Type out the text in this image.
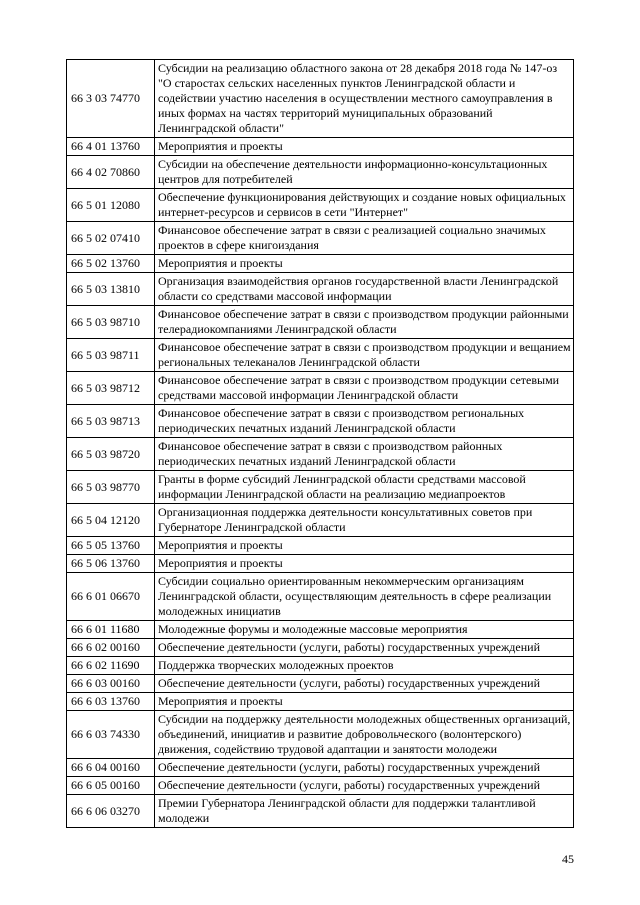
66 3 03 74770	Субсидии на реализацию областного закона от 28 декабря 2018 года № 147-оз "О старостах сельских населенных пунктов Ленинградской области и содействии участию населения в осуществлении местного самоуправления в иных формах на частях территорий муниципальных образований Ленинградской области"
66 4 01 13760	Мероприятия и проекты
66 4 02 70860	Субсидии на обеспечение деятельности информационно-консультационных центров для потребителей
66 5 01 12080	Обеспечение функционирования действующих и создание новых официальных интернет-ресурсов и сервисов в сети "Интернет"
66 5 02 07410	Финансовое обеспечение затрат в связи с реализацией социально значимых проектов в сфере книгоиздания
66 5 02 13760	Мероприятия и проекты
66 5 03 13810	Организация взаимодействия органов государственной власти Ленинградской области со средствами массовой информации
66 5 03 98710	Финансовое обеспечение затрат в связи с производством продукции районными телерадиокомпаниями Ленинградской области
66 5 03 98711	Финансовое обеспечение затрат в связи с производством продукции и вещанием региональных телеканалов Ленинградской области
66 5 03 98712	Финансовое обеспечение затрат в связи с производством продукции сетевыми средствами массовой информации Ленинградской области
66 5 03 98713	Финансовое обеспечение затрат в связи с производством региональных периодических печатных изданий Ленинградской области
66 5 03 98720	Финансовое обеспечение затрат в связи с производством районных периодических печатных изданий Ленинградской области
66 5 03 98770	Гранты в форме субсидий Ленинградской области средствами массовой информации Ленинградской области на реализацию медиапроектов
66 5 04 12120	Организационная поддержка деятельности консультативных советов при Губернаторе Ленинградской области
66 5 05 13760	Мероприятия и проекты
66 5 06 13760	Мероприятия и проекты
66 6 01 06670	Субсидии социально ориентированным некоммерческим организациям Ленинградской области, осуществляющим деятельность в сфере реализации молодежных инициатив
66 6 01 11680	Молодежные форумы и молодежные массовые мероприятия
66 6 02 00160	Обеспечение деятельности (услуги, работы) государственных учреждений
66 6 02 11690	Поддержка творческих молодежных проектов
66 6 03 00160	Обеспечение деятельности (услуги, работы) государственных учреждений
66 6 03 13760	Мероприятия и проекты
66 6 03 74330	Субсидии на поддержку деятельности молодежных общественных организаций, объединений, инициатив и развитие добровольческого (волонтерского) движения, содействию трудовой адаптации и занятости молодежи
66 6 04 00160	Обеспечение деятельности (услуги, работы) государственных учреждений
66 6 05 00160	Обеспечение деятельности (услуги, работы) государственных учреждений
66 6 06 03270	Премии Губернатора Ленинградской области для поддержки талантливой молодежи
45
